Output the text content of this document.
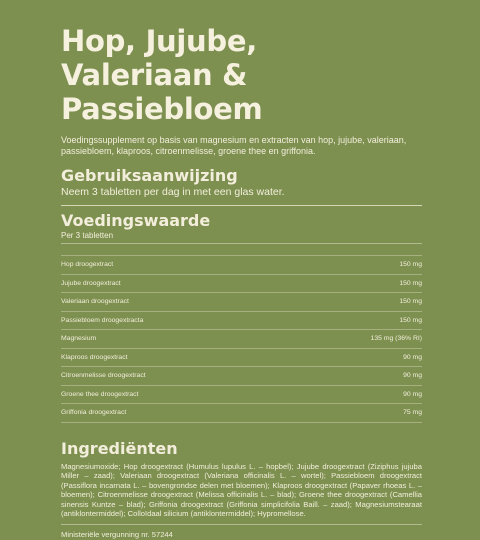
Hop, Jujube,
Valeriaan & Passiebloem
Voedingssupplement op basis van magnesium en extracten van hop, jujube, valeriaan, passiebloem, klaproos, citroenmelisse, groene thee en griffonia.
Gebruiksaanwijzing
Neem 3 tabletten per dag in met een glas water.
Voedingswaarde
Per 3 tabletten
Hop droogextract	150 mg
Jujube droogextract	150 mg
Valeriaan droogextract	150 mg
Passiebloem droogextracta	150 mg
Magnesium	135 mg (36% RI)
Klaproos droogextract	90 mg
Citroenmelisse droogextract	90 mg
Groene thee droogextract	90 mg
Griffonia droogextract	75 mg
Ingrediënten
Magnesiumoxide; Hop droogextract (Humulus lupulus L. – hopbel); Jujube droogextract (Ziziphus jujuba Miller – zaad); Valeriaan droogextract (Valeriana officinalis L. – wortel); Passiebloem droogextract (Passiflora incarnata L. – bovengrondse delen met bloemen); Klaproos droogextract (Papaver rhoeas L. – bloemen); Citroenmelisse droogextract (Melissa officinalis L. – blad); Groene thee droogextract (Camellia sinensis Kuntze – blad); Griffonia droogextract (Griffonia simplicifolia Baill. – zaad); Magnesiumstearaat (antiklontermiddel); Colloïdaal silicium (antiklontermiddel); Hypromellose.
Ministeriële vergunning nr. 57244
